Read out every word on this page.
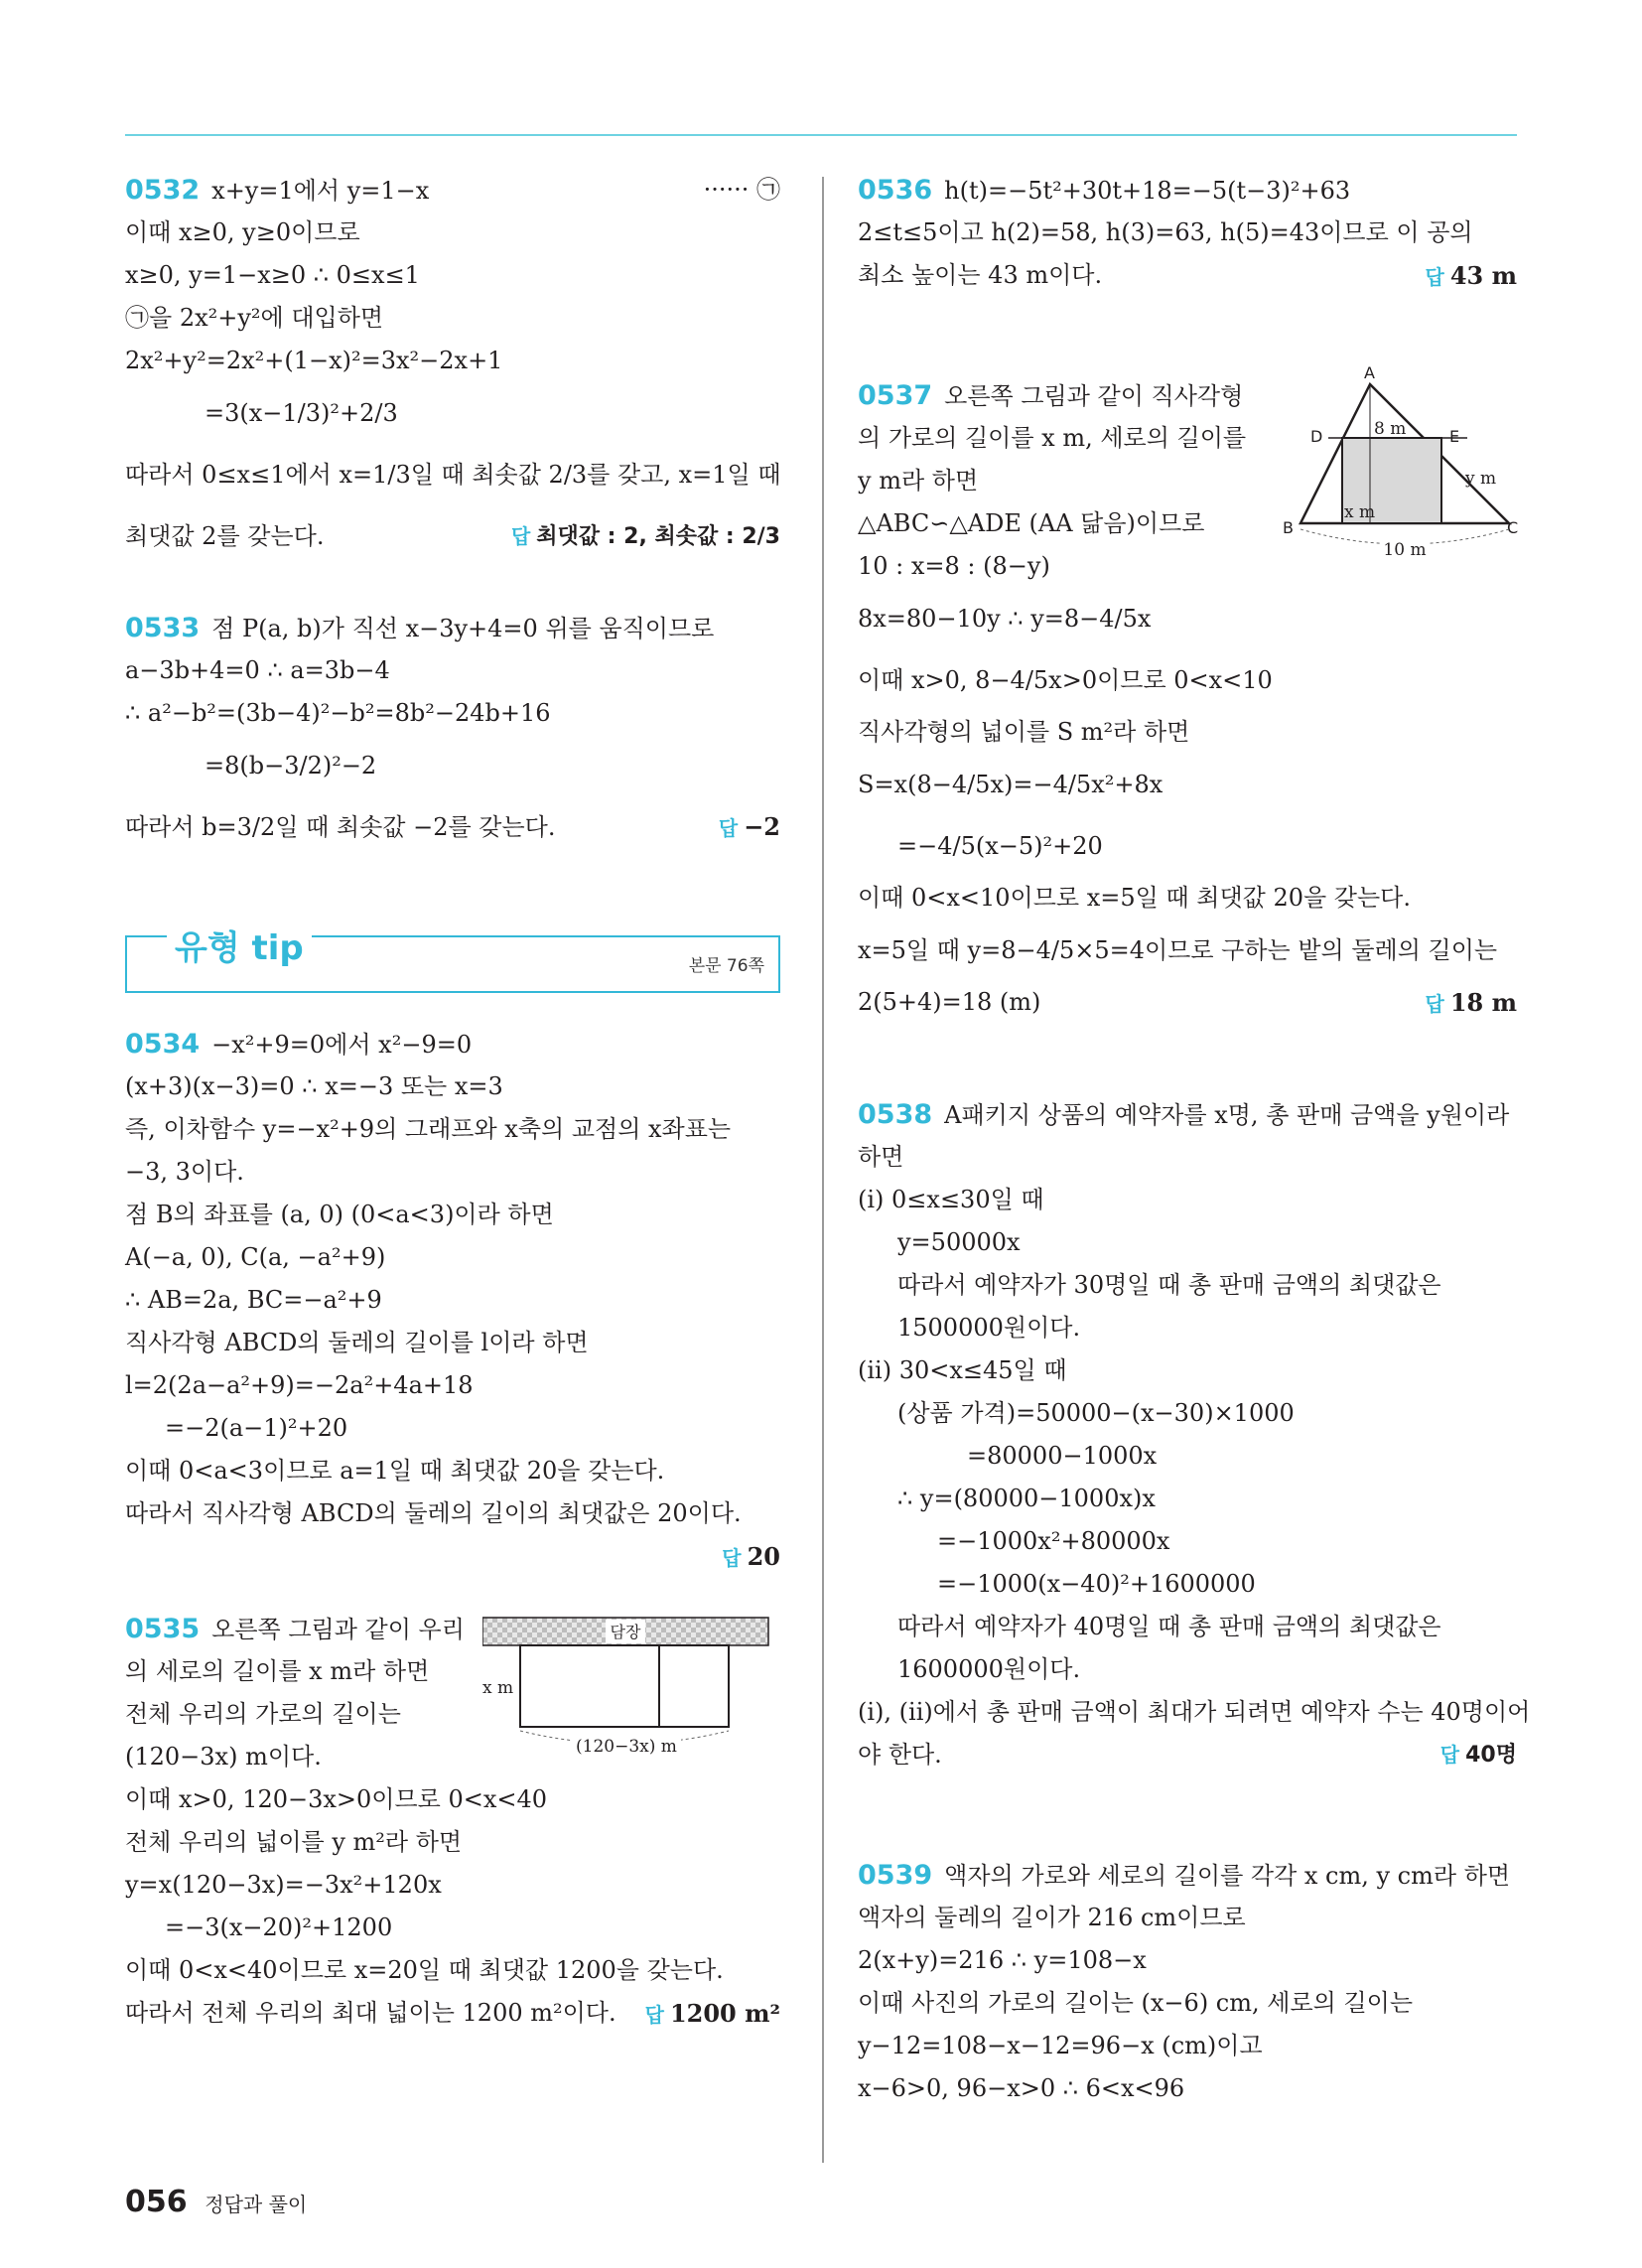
0532 x+y=1에서 y=1−x	······ ㉠
이때 x≥0, y≥0이므로
x≥0, y=1−x≥0 ∴ 0≤x≤1
㉠을 2x²+y²에 대입하면
2x²+y²=2x²+(1−x)²=3x²−2x+1
=3(x−1/3)²+2/3
따라서 0≤x≤1에서 x=1/3일 때 최솟값 2/3를 갖고, x=1일 때
최댓값 2를 갖는다.	답 최댓값 : 2, 최솟값 : 2/3
0533 점 P(a, b)가 직선 x−3y+4=0 위를 움직이므로
a−3b+4=0 ∴ a=3b−4
∴ a²−b²=(3b−4)²−b²=8b²−24b+16
=8(b−3/2)²−2
따라서 b=3/2일 때 최솟값 −2를 갖는다.	답 −2
유형 tip	본문 76쪽
0534 −x²+9=0에서 x²−9=0
(x+3)(x−3)=0 ∴ x=−3 또는 x=3
즉, 이차함수 y=−x²+9의 그래프와 x축의 교점의 x좌표는
−3, 3이다.
점 B의 좌표를 (a, 0) (0<a<3)이라 하면
A(−a, 0), C(a, −a²+9)
∴ AB=2a, BC=−a²+9
직사각형 ABCD의 둘레의 길이를 l이라 하면
l=2(2a−a²+9)=−2a²+4a+18
=−2(a−1)²+20
이때 0<a<3이므로 a=1일 때 최댓값 20을 갖는다.
따라서 직사각형 ABCD의 둘레의 길이의 최댓값은 20이다.
답 20
0535 오른쪽 그림과 같이 우리
의 세로의 길이를 x m라 하면
전체 우리의 가로의 길이는
(120−3x) m이다.
이때 x>0, 120−3x>0이므로 0<x<40
전체 우리의 넓이를 y m²라 하면
y=x(120−3x)=−3x²+120x
=−3(x−20)²+1200
이때 0<x<40이므로 x=20일 때 최댓값 1200을 갖는다.
따라서 전체 우리의 최대 넓이는 1200 m²이다. 답 1200 m²
담장
x m
(120−3x) m
0536 h(t)=−5t²+30t+18=−5(t−3)²+63
2≤t≤5이고 h(2)=58, h(3)=63, h(5)=43이므로 이 공의
최소 높이는 43 m이다.	답 43 m
0537 오른쪽 그림과 같이 직사각형
의 가로의 길이를 x m, 세로의 길이를
y m라 하면
△ABC∽△ADE (AA 닮음)이므로
10 : x=8 : (8−y)
8x=80−10y ∴ y=8−4/5x
이때 x>0, 8−4/5x>0이므로 0<x<10
직사각형의 넓이를 S m²라 하면
S=x(8−4/5x)=−4/5x²+8x
=−4/5(x−5)²+20
이때 0<x<10이므로 x=5일 때 최댓값 20을 갖는다.
x=5일 때 y=8−4/5×5=4이므로 구하는 밭의 둘레의 길이는
2(5+4)=18 (m)	답 18 m
A
B	C
D	E
8 m
y m
x m
10 m
0538 A패키지 상품의 예약자를 x명, 총 판매 금액을 y원이라
하면
(i) 0≤x≤30일 때
y=50000x
따라서 예약자가 30명일 때 총 판매 금액의 최댓값은
1500000원이다.
(ii) 30<x≤45일 때
(상품 가격)=50000−(x−30)×1000
=80000−1000x
∴ y=(80000−1000x)x
=−1000x²+80000x
=−1000(x−40)²+1600000
따라서 예약자가 40명일 때 총 판매 금액의 최댓값은
1600000원이다.
(i), (ii)에서 총 판매 금액이 최대가 되려면 예약자 수는 40명이어
야 한다.	답 40명
0539 액자의 가로와 세로의 길이를 각각 x cm, y cm라 하면
액자의 둘레의 길이가 216 cm이므로
2(x+y)=216 ∴ y=108−x
이때 사진의 가로의 길이는 (x−6) cm, 세로의 길이는
y−12=108−x−12=96−x (cm)이고
x−6>0, 96−x>0 ∴ 6<x<96
056 정답과 풀이
